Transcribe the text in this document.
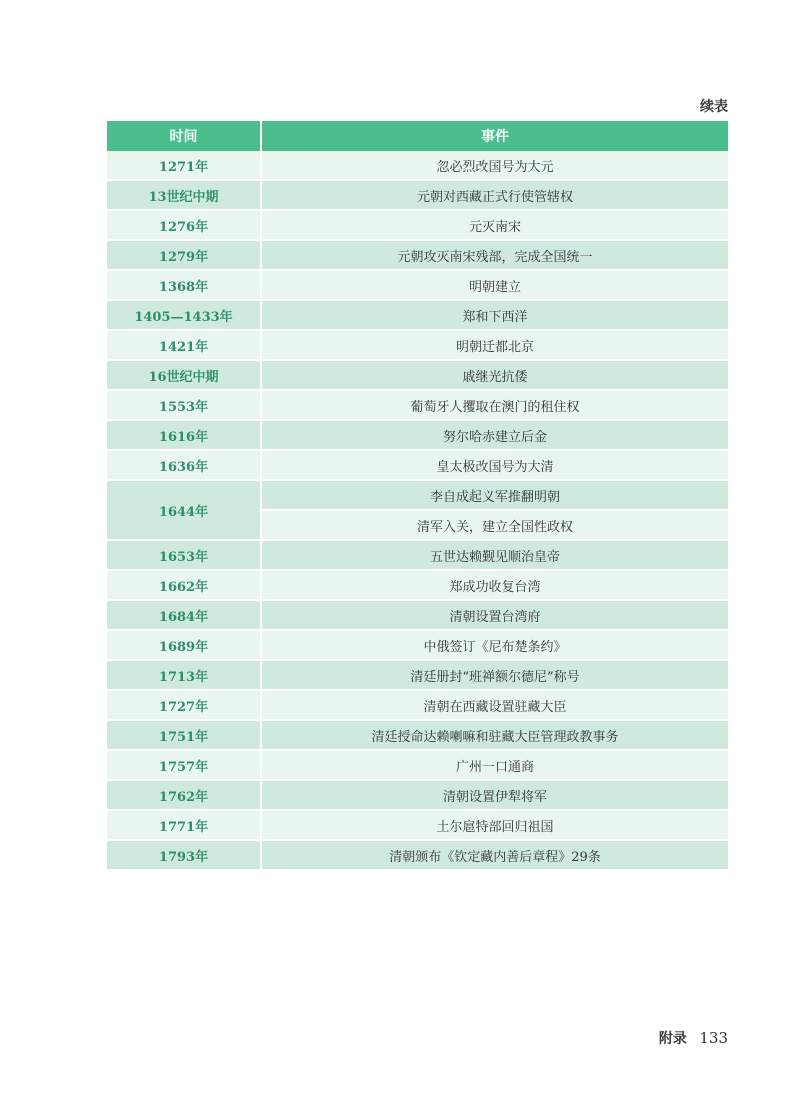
续表
时间	事件
1271年	忽必烈改国号为大元
13世纪中期	元朝对西藏正式行使管辖权
1276年	元灭南宋
1279年	元朝攻灭南宋残部，完成全国统一
1368年	明朝建立
1405—1433年	郑和下西洋
1421年	明朝迁都北京
16世纪中期	戚继光抗倭
1553年	葡萄牙人攫取在澳门的租住权
1616年	努尔哈赤建立后金
1636年	皇太极改国号为大清
1644年	李自成起义军推翻明朝
	清军入关，建立全国性政权
1653年	五世达赖觐见顺治皇帝
1662年	郑成功收复台湾
1684年	清朝设置台湾府
1689年	中俄签订《尼布楚条约》
1713年	清廷册封“班禅额尔德尼”称号
1727年	清朝在西藏设置驻藏大臣
1751年	清廷授命达赖喇嘛和驻藏大臣管理政教事务
1757年	广州一口通商
1762年	清朝设置伊犁将军
1771年	土尔扈特部回归祖国
1793年	清朝颁布《钦定藏内善后章程》29条
附录 133
